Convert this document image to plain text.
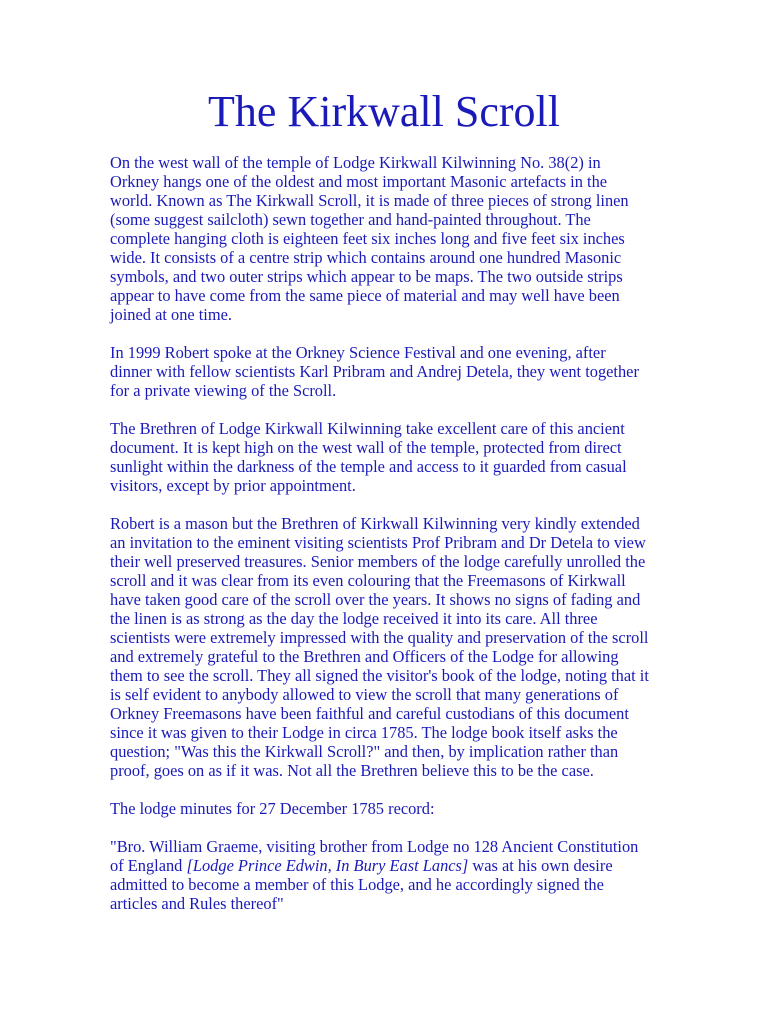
The Kirkwall Scroll

On the west wall of the temple of Lodge Kirkwall Kilwinning No. 38(2) in Orkney hangs one of the oldest and most important Masonic artefacts in the world. Known as The Kirkwall Scroll, it is made of three pieces of strong linen (some suggest sailcloth) sewn together and hand-painted throughout. The complete hanging cloth is eighteen feet six inches long and five feet six inches wide. It consists of a centre strip which contains around one hundred Masonic symbols, and two outer strips which appear to be maps. The two outside strips appear to have come from the same piece of material and may well have been joined at one time.

In 1999 Robert spoke at the Orkney Science Festival and one evening, after dinner with fellow scientists Karl Pribram and Andrej Detela, they went together for a private viewing of the Scroll.

The Brethren of Lodge Kirkwall Kilwinning take excellent care of this ancient document. It is kept high on the west wall of the temple, protected from direct sunlight within the darkness of the temple and access to it guarded from casual visitors, except by prior appointment.

Robert is a mason but the Brethren of Kirkwall Kilwinning very kindly extended an invitation to the eminent visiting scientists Prof Pribram and Dr Detela to view their well preserved treasures. Senior members of the lodge carefully unrolled the scroll and it was clear from its even colouring that the Freemasons of Kirkwall have taken good care of the scroll over the years. It shows no signs of fading and the linen is as strong as the day the lodge received it into its care. All three scientists were extremely impressed with the quality and preservation of the scroll and extremely grateful to the Brethren and Officers of the Lodge for allowing them to see the scroll. They all signed the visitor's book of the lodge, noting that it is self evident to anybody allowed to view the scroll that many generations of Orkney Freemasons have been faithful and careful custodians of this document since it was given to their Lodge in circa 1785. The lodge book itself asks the question; "Was this the Kirkwall Scroll?" and then, by implication rather than proof, goes on as if it was. Not all the Brethren believe this to be the case.

The lodge minutes for 27 December 1785 record:

"Bro. William Graeme, visiting brother from Lodge no 128 Ancient Constitution of England [Lodge Prince Edwin, In Bury East Lancs] was at his own desire admitted to become a member of this Lodge, and he accordingly signed the articles and Rules thereof"
